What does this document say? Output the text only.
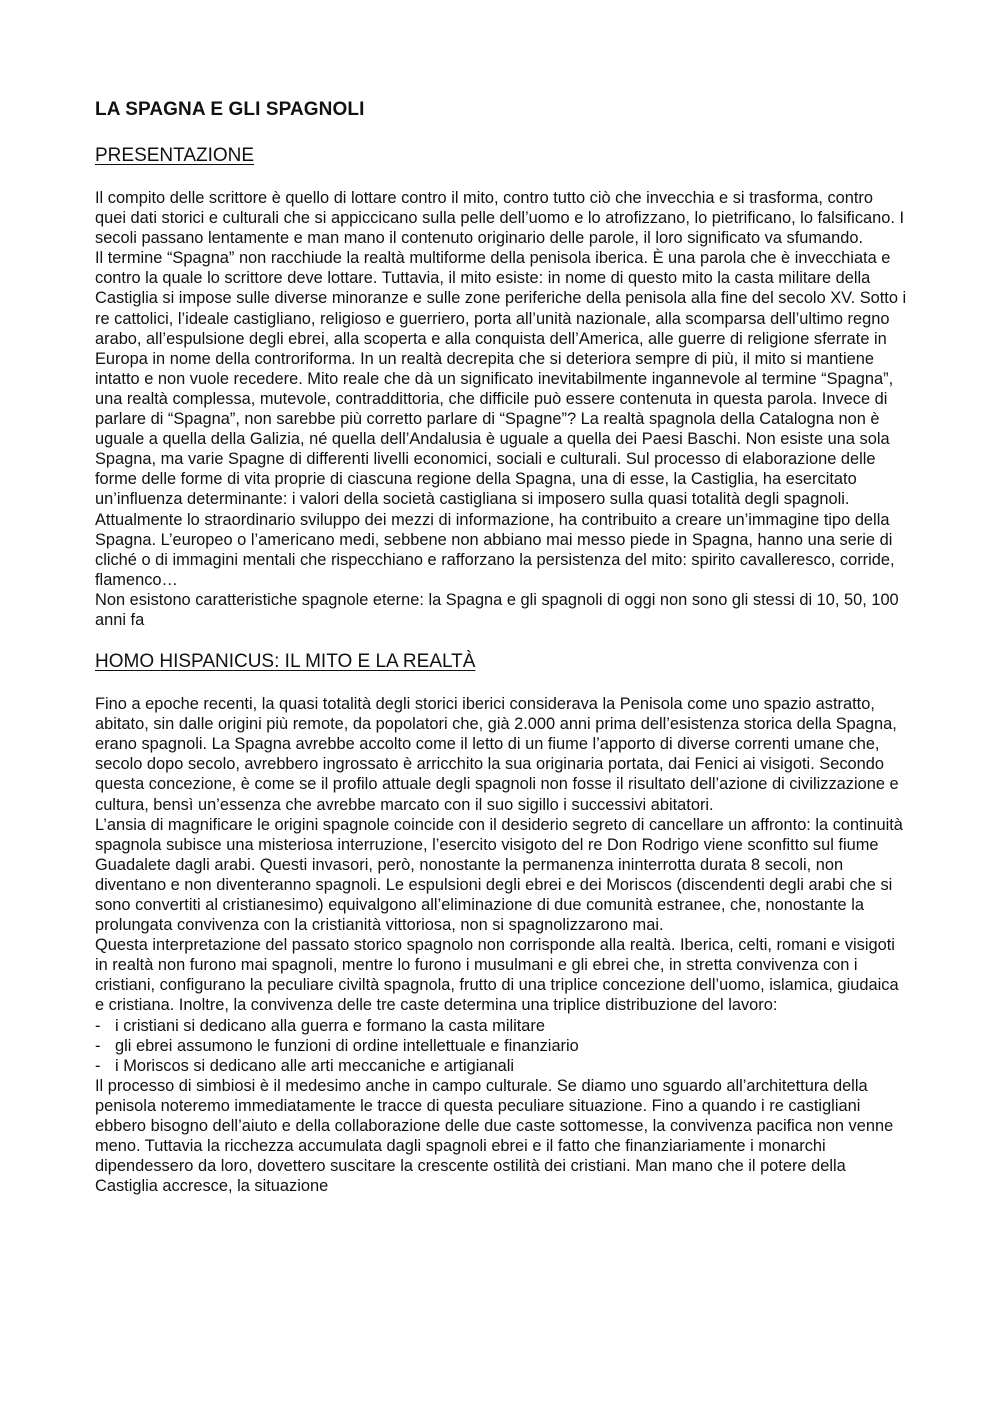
LA SPAGNA E GLI SPAGNOLI
PRESENTAZIONE

Il compito delle scrittore è quello di lottare contro il mito, contro tutto ciò che invecchia e si trasforma, contro quei dati storici e culturali che si appiccicano sulla pelle dell’uomo e lo atrofizzano, lo pietrificano, lo falsificano. I secoli passano lentamente e man mano il contenuto originario delle parole, il loro significato va sfumando.

Il termine “Spagna” non racchiude la realtà multiforme della penisola iberica. È una parola che è invecchiata e contro la quale lo scrittore deve lottare. Tuttavia, il mito esiste: in nome di questo mito la casta militare della Castiglia si impose sulle diverse minoranze e sulle zone periferiche della penisola alla fine del secolo XV. Sotto i re cattolici, l’ideale castigliano, religioso e guerriero, porta all’unità nazionale, alla scomparsa dell’ultimo regno arabo, all’espulsione degli ebrei, alla scoperta e alla conquista dell’America, alle guerre di religione sferrate in Europa in nome della controriforma. In un realtà decrepita che si deteriora sempre di più, il mito si mantiene intatto e non vuole recedere. Mito reale che dà un significato inevitabilmente ingannevole al termine “Spagna”, una realtà complessa, mutevole, contraddittoria, che difficile può essere contenuta in questa parola. Invece di parlare di “Spagna”, non sarebbe più corretto parlare di “Spagne”? La realtà spagnola della Catalogna non è uguale a quella della Galizia, né quella dell’Andalusia è uguale a quella dei Paesi Baschi. Non esiste una sola Spagna, ma varie Spagne di differenti livelli economici, sociali e culturali. Sul processo di elaborazione delle forme delle forme di vita proprie di ciascuna regione della Spagna, una di esse, la Castiglia, ha esercitato un’influenza determinante: i valori della società castigliana si imposero sulla quasi totalità degli spagnoli.

Attualmente lo straordinario sviluppo dei mezzi di informazione, ha contribuito a creare un’immagine tipo della Spagna. L’europeo o l’americano medi, sebbene non abbiano mai messo piede in Spagna, hanno una serie di cliché o di immagini mentali che rispecchiano e rafforzano la persistenza del mito: spirito cavalleresco, corride, flamenco…

Non esistono caratteristiche spagnole eterne: la Spagna e gli spagnoli di oggi non sono gli stessi di 10, 50, 100 anni fa

HOMO HISPANICUS: IL MITO E LA REALTÀ

Fino a epoche recenti, la quasi totalità degli storici iberici considerava la Penisola come uno spazio astratto, abitato, sin dalle origini più remote, da popolatori che, già 2.000 anni prima dell’esistenza storica della Spagna, erano spagnoli. La Spagna avrebbe accolto come il letto di un fiume l’apporto di diverse correnti umane che, secolo dopo secolo, avrebbero ingrossato è arricchito la sua originaria portata, dai Fenici ai visigoti. Secondo questa concezione, è come se il profilo attuale degli spagnoli non fosse il risultato dell’azione di civilizzazione e cultura, bensì un’essenza che avrebbe marcato con il suo sigillo i successivi abitatori.

L’ansia di magnificare le origini spagnole coincide con il desiderio segreto di cancellare un affronto: la continuità spagnola subisce una misteriosa interruzione, l’esercito visigoto del re Don Rodrigo viene sconfitto sul fiume Guadalete dagli arabi. Questi invasori, però, nonostante la permanenza ininterrotta durata 8 secoli, non diventano e non diventeranno spagnoli. Le espulsioni degli ebrei e dei Moriscos (discendenti degli arabi che si sono convertiti al cristianesimo) equivalgono all’eliminazione di due comunità estranee, che, nonostante la prolungata convivenza con la cristianità vittoriosa, non si spagnolizzarono mai.

Questa interpretazione del passato storico spagnolo non corrisponde alla realtà. Iberica, celti, romani e visigoti in realtà non furono mai spagnoli, mentre lo furono i musulmani e gli ebrei che, in stretta convivenza con i cristiani, configurano la peculiare civiltà spagnola, frutto di una triplice concezione dell’uomo, islamica, giudaica e cristiana. Inoltre, la convivenza delle tre caste determina una triplice distribuzione del lavoro:

- i cristiani si dedicano alla guerra e formano la casta militare
- gli ebrei assumono le funzioni di ordine intellettuale e finanziario
- i Moriscos si dedicano alle arti meccaniche e artigianali

Il processo di simbiosi è il medesimo anche in campo culturale. Se diamo uno sguardo all’architettura della penisola noteremo immediatamente le tracce di questa peculiare situazione. Fino a quando i re castigliani ebbero bisogno dell’aiuto e della collaborazione delle due caste sottomesse, la convivenza pacifica non venne meno. Tuttavia la ricchezza accumulata dagli spagnoli ebrei e il fatto che finanziariamente i monarchi dipendessero da loro, dovettero suscitare la crescente ostilità dei cristiani. Man mano che il potere della Castiglia accresce, la situazione
